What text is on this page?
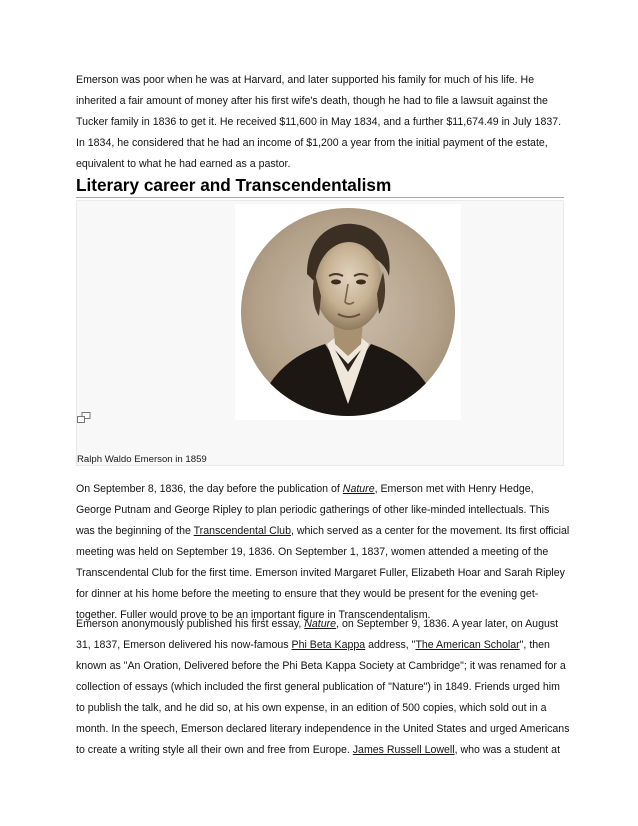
Emerson was poor when he was at Harvard, and later supported his family for much of his life. He inherited a fair amount of money after his first wife's death, though he had to file a lawsuit against the Tucker family in 1836 to get it. He received $11,600 in May 1834, and a further $11,674.49 in July 1837. In 1834, he considered that he had an income of $1,200 a year from the initial payment of the estate, equivalent to what he had earned as a pastor.

Literary career and Transcendentalism
Ralph Waldo Emerson in 1859

On September 8, 1836, the day before the publication of Nature, Emerson met with Henry Hedge, George Putnam and George Ripley to plan periodic gatherings of other like-minded intellectuals. This was the beginning of the Transcendental Club, which served as a center for the movement. Its first official meeting was held on September 19, 1836. On September 1, 1837, women attended a meeting of the Transcendental Club for the first time. Emerson invited Margaret Fuller, Elizabeth Hoar and Sarah Ripley for dinner at his home before the meeting to ensure that they would be present for the evening get-together. Fuller would prove to be an important figure in Transcendentalism.

Emerson anonymously published his first essay, Nature, on September 9, 1836. A year later, on August 31, 1837, Emerson delivered his now-famous Phi Beta Kappa address, "The American Scholar", then known as "An Oration, Delivered before the Phi Beta Kappa Society at Cambridge"; it was renamed for a collection of essays (which included the first general publication of "Nature") in 1849. Friends urged him to publish the talk, and he did so, at his own expense, in an edition of 500 copies, which sold out in a month. In the speech, Emerson declared literary independence in the United States and urged Americans to create a writing style all their own and free from Europe. James Russell Lowell, who was a student at
